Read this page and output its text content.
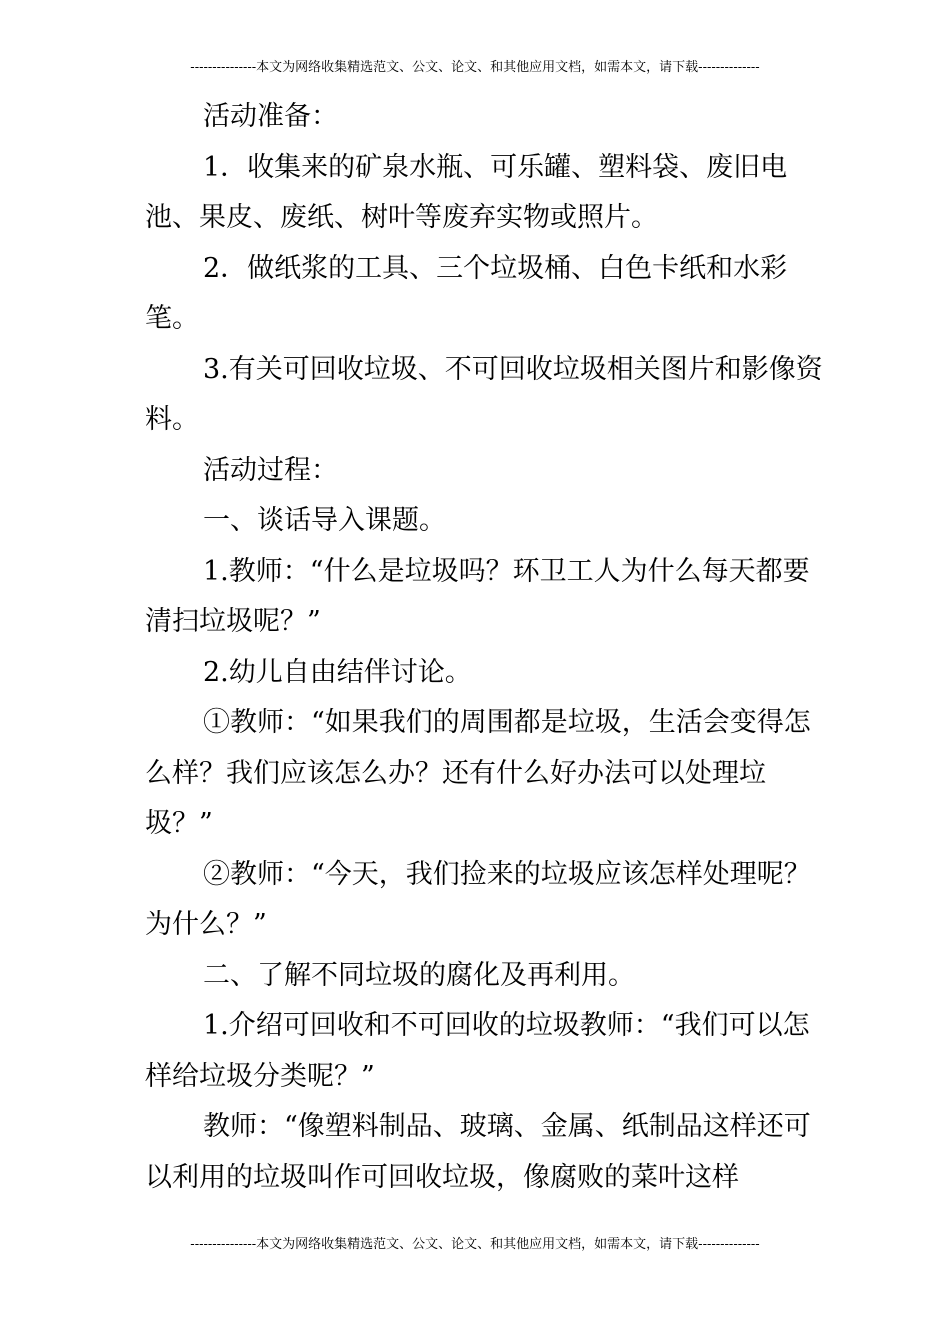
---------------本文为网络收集精选范文、公文、论文、和其他应用文档，如需本文，请下载--------------

活动准备：

1．收集来的矿泉水瓶、可乐罐、塑料袋、废旧电池、果皮、废纸、树叶等废弃实物或照片。

2．做纸浆的工具、三个垃圾桶、白色卡纸和水彩笔。

3.有关可回收垃圾、不可回收垃圾相关图片和影像资料。

活动过程：

一、谈话导入课题。

1.教师：“什么是垃圾吗？环卫工人为什么每天都要清扫垃圾呢？”

2.幼儿自由结伴讨论。

①教师：“如果我们的周围都是垃圾，生活会变得怎么样？我们应该怎么办？还有什么好办法可以处理垃圾？”

②教师：“今天，我们捡来的垃圾应该怎样处理呢？为什么？”

二、了解不同垃圾的腐化及再利用。

1.介绍可回收和不可回收的垃圾教师：“我们可以怎样给垃圾分类呢？”

教师：“像塑料制品、玻璃、金属、纸制品这样还可以利用的垃圾叫作可回收垃圾，像腐败的菜叶这样

---------------本文为网络收集精选范文、公文、论文、和其他应用文档，如需本文，请下载--------------
